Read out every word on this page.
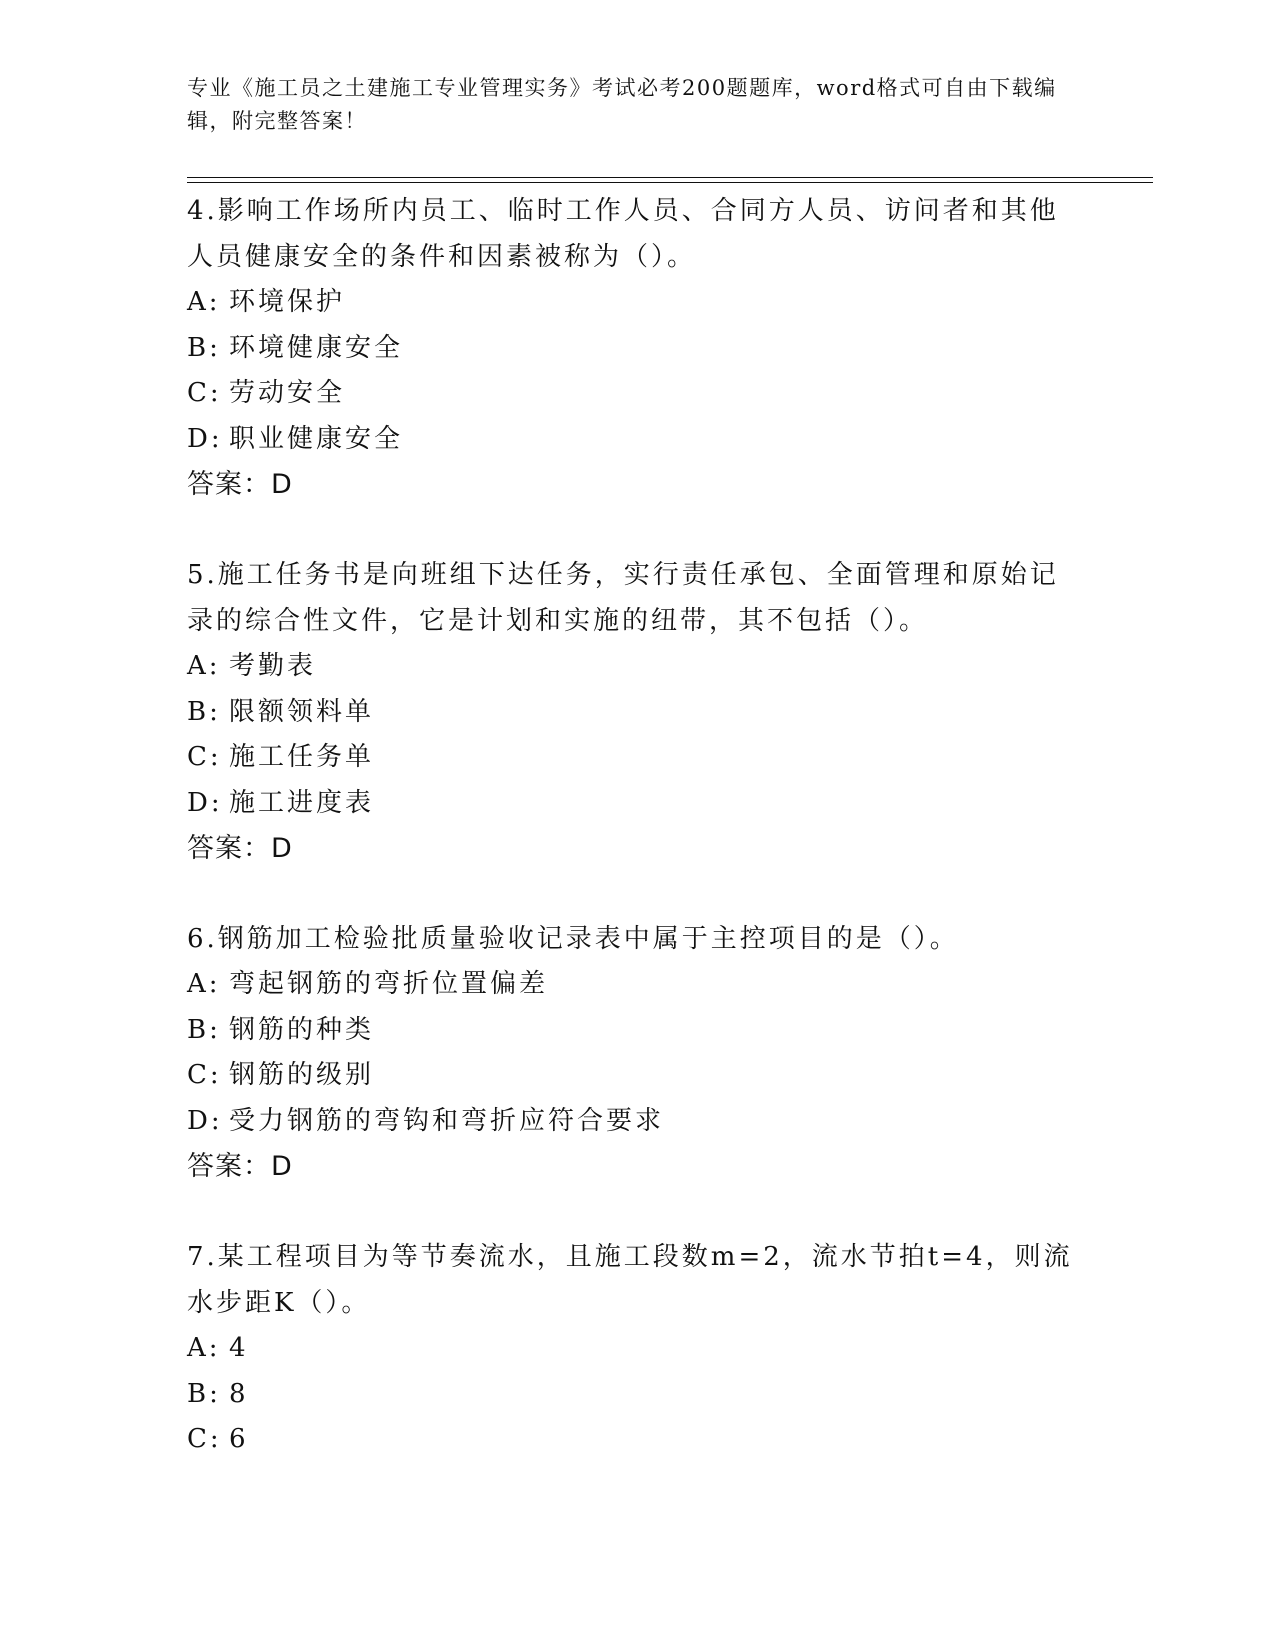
专业《施工员之土建施工专业管理实务》考试必考200题题库，word格式可自由下载编辑，附完整答案！

4.影响工作场所内员工、临时工作人员、合同方人员、访问者和其他人员健康安全的条件和因素被称为（）。

A: 环境保护

B: 环境健康安全

C: 劳动安全

D: 职业健康安全

答案：D

5.施工任务书是向班组下达任务，实行责任承包、全面管理和原始记录的综合性文件，它是计划和实施的纽带，其不包括（）。

A: 考勤表

B: 限额领料单

C: 施工任务单

D: 施工进度表

答案：D

6.钢筋加工检验批质量验收记录表中属于主控项目的是（）。

A: 弯起钢筋的弯折位置偏差

B: 钢筋的种类

C: 钢筋的级别

D: 受力钢筋的弯钩和弯折应符合要求

答案：D

7.某工程项目为等节奏流水，且施工段数m=2，流水节拍t=4，则流水步距K（）。

A: 4

B: 8

C: 6
